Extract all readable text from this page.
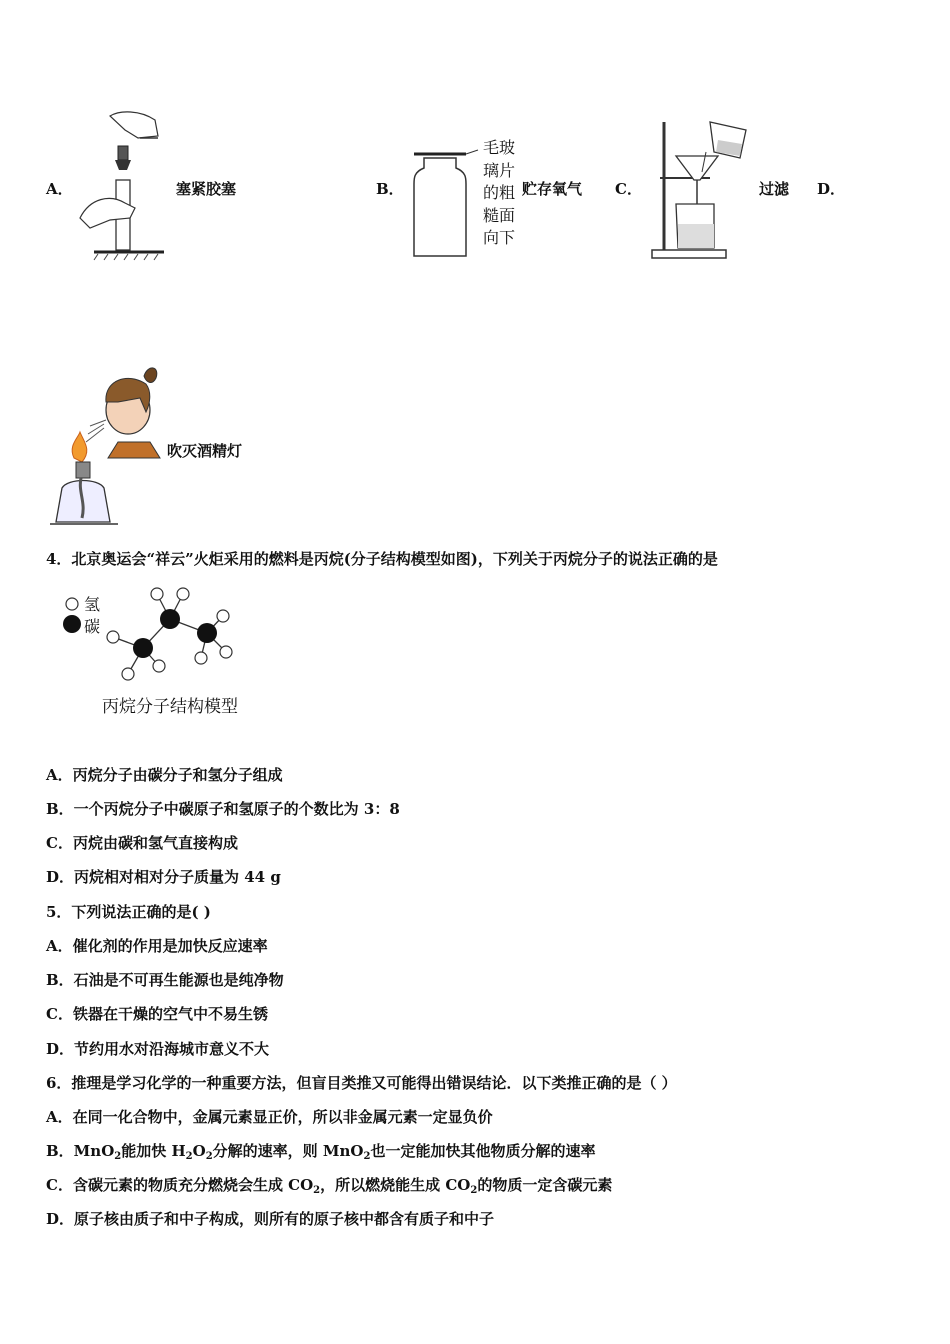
A．	塞紧胶塞	B．
毛玻
璃片
的粗
糙面
向下
贮存氧气 C．	过滤 D．
吹灭酒精灯
4．北京奥运会“祥云”火炬采用的燃料是丙烷(分子结构模型如图)，下列关于丙烷分子的说法正确的是
氢
碳
丙烷分子结构模型
A．丙烷分子由碳分子和氢分子组成
B．一个丙烷分子中碳原子和氢原子的个数比为 3：8
C．丙烷由碳和氢气直接构成
D．丙烷相对相对分子质量为 44 g
5．下列说法正确的是( )
A．催化剂的作用是加快反应速率
B．石油是不可再生能源也是纯净物
C．铁器在干燥的空气中不易生锈
D．节约用水对沿海城市意义不大
6．推理是学习化学的一种重要方法，但盲目类推又可能得出错误结论．以下类推正确的是（ ）
A．在同一化合物中，金属元素显正价，所以非金属元素一定显负价
B．MnO$_2$能加快 $H_2O_2$分解的速率，则 MnO$_2$也一定能加快其他物质分解的速率
C．含碳元素的物质充分燃烧会生成 $CO_2$，所以燃烧能生成 $CO_2$的物质一定含碳元素
D．原子核由质子和中子构成，则所有的原子核中都含有质子和中子
